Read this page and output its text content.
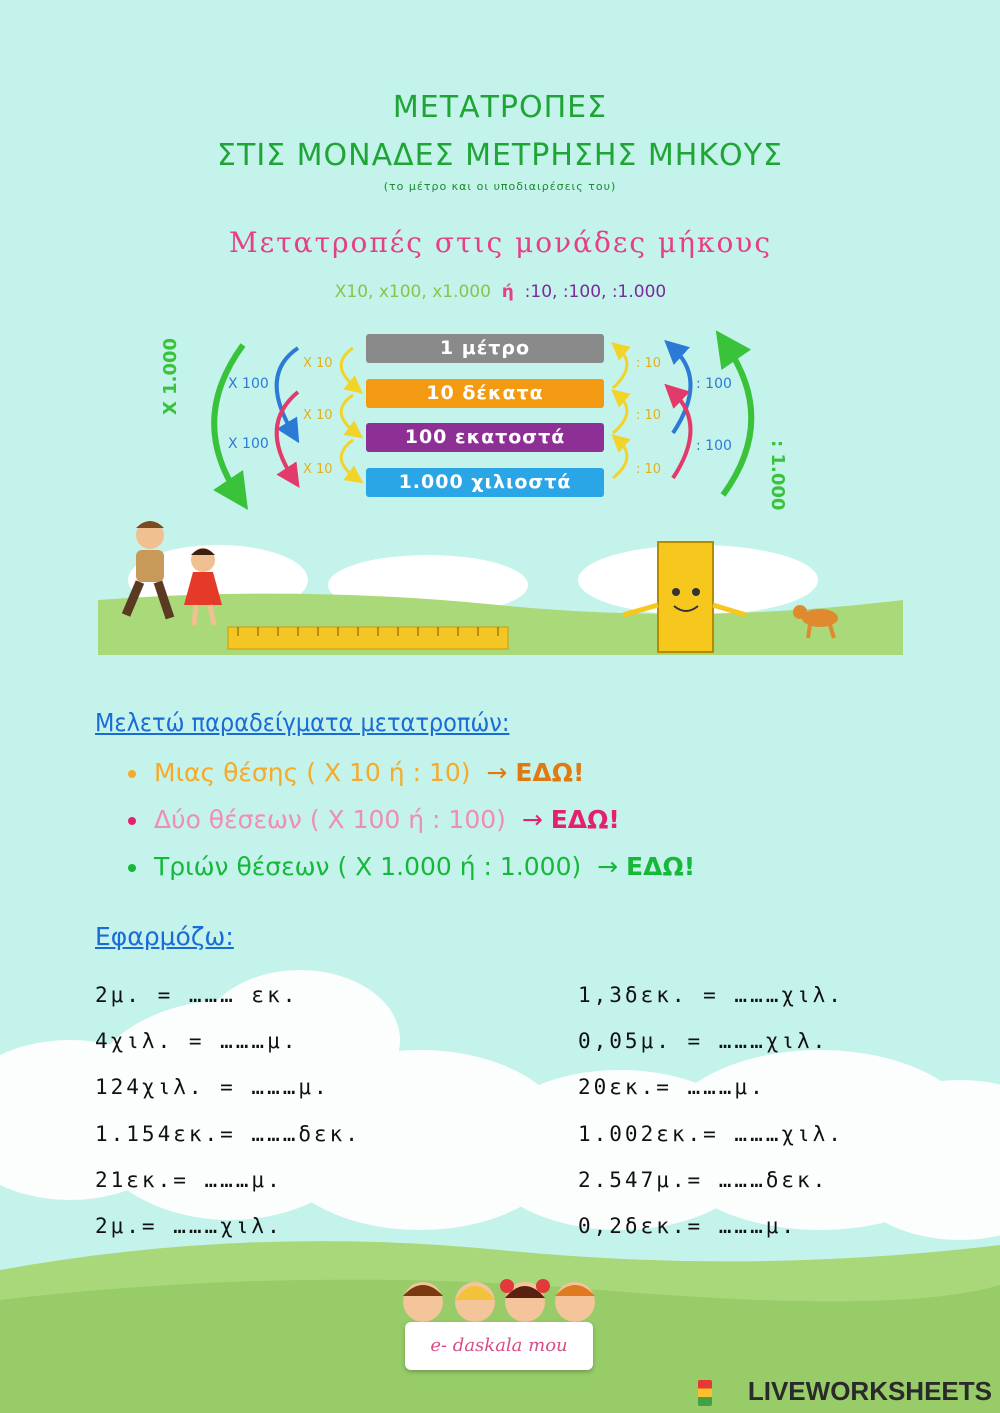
ΜΕΤΑΤΡΟΠΕΣ
ΣΤΙΣ ΜΟΝΑΔΕΣ ΜΕΤΡΗΣΗΣ ΜΗΚΟΥΣ
(το μέτρο και οι υποδιαιρέσεις του)
Μετατροπές στις μονάδες μήκους
Χ10, x100, x1.000 ή :10, :100, :1.000
Χ 1.000	Χ 100
Χ 100
Χ 10
Χ 10
Χ 10
: 10
: 10
: 10
: 100
: 100 : 1.000
1 μέτρο
10 δέκατα
100 εκατοστά
1.000 χιλιοστά
Μελετώ παραδείγματα μετατροπών:
Μιας θέσης ( Χ 10 ή : 10) → ΕΔΩ!
Δύο θέσεων ( Χ 100 ή : 100) → ΕΔΩ!
Τριών θέσεων ( Χ 1.000 ή : 1.000) → ΕΔΩ!
Εφαρμόζω:
2μ. = ……… εκ.
4χιλ. = ………μ.
124χιλ. = ………μ.
1.154εκ.= ………δεκ.
21εκ.= ………μ.
2μ.= ………χιλ.
1,3δεκ. = ………χιλ.
0,05μ. = ………χιλ.
20εκ.= ………μ.
1.002εκ.= ………χιλ.
2.547μ.= ………δεκ.
0,2δεκ.= ………μ.
e- daskala mou
LIVEWORKSHEETS
